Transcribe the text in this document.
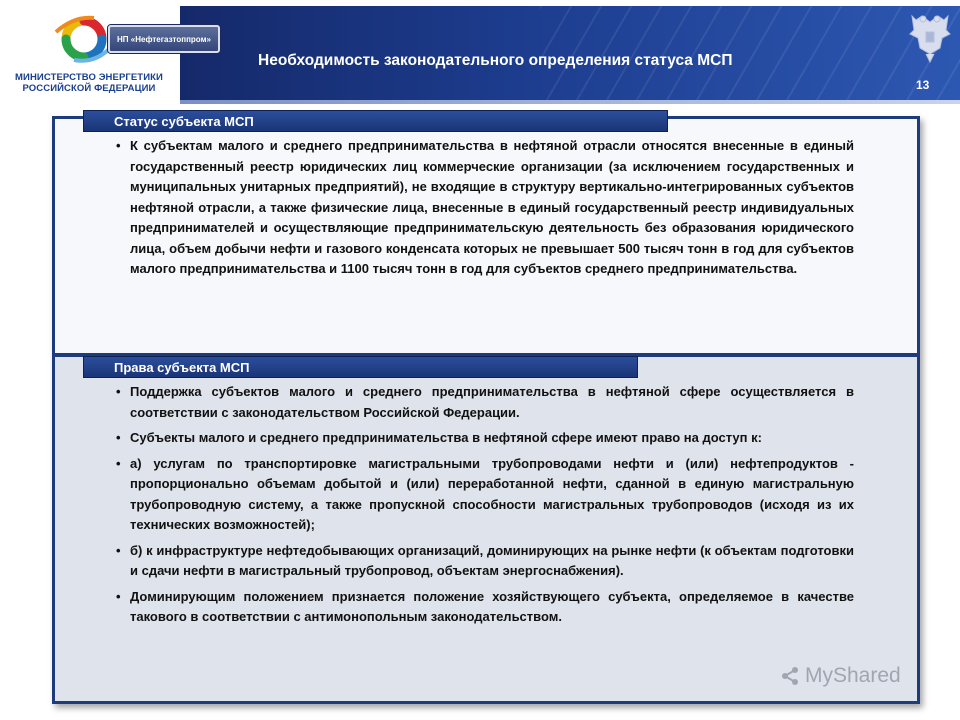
МИНИСТЕРСТВО ЭНЕРГЕТИКИ РОССИЙСКОЙ ФЕДЕРАЦИИ
НП «Нефтегазтоппром»
Необходимость законодательного определения статуса МСП
13
Статус субъекта МСП
• К субъектам малого и среднего предпринимательства в нефтяной отрасли относятся внесенные в единый государственный реестр юридических лиц коммерческие организации (за исключением государственных и муниципальных унитарных предприятий), не входящие в структуру вертикально-интегрированных субъектов нефтяной отрасли, а также физические лица, внесенные в единый государственный реестр индивидуальных предпринимателей и осуществляющие предпринимательскую деятельность без образования юридического лица, объем добычи нефти и газового конденсата которых не превышает 500 тысяч тонн в год для субъектов малого предпринимательства и 1100 тысяч тонн в год для субъектов среднего предпринимательства.
Права субъекта МСП
• Поддержка субъектов малого и среднего предпринимательства в нефтяной сфере осуществляется в соответствии с законодательством Российской Федерации.
• Субъекты малого и среднего предпринимательства в нефтяной сфере имеют право на доступ к:
• а) услугам по транспортировке магистральными трубопроводами нефти и (или) нефтепродуктов - пропорционально объемам добытой и (или) переработанной нефти, сданной в единую магистральную трубопроводную систему, а также пропускной способности магистральных трубопроводов (исходя из их технических возможностей);
• б) к инфраструктуре нефтедобывающих организаций, доминирующих на рынке нефти (к объектам подготовки и сдачи нефти в магистральный трубопровод, объектам энергоснабжения).
• Доминирующим положением признается положение хозяйствующего субъекта, определяемое в качестве такового в соответствии с антимонопольным законодательством.
MyShared
